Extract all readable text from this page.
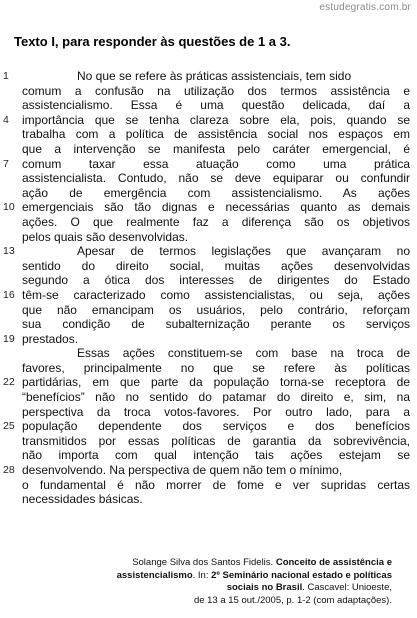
estudegratis.com.br
Texto I, para responder às questões de 1 a 3.
1	No que se refere às práticas assistenciais, tem sido
comum a confusão na utilização dos termos assistência e
assistencialismo. Essa é uma questão delicada, daí a
4	importância que se tenha clareza sobre ela, pois, quando se
trabalha com a política de assistência social nos espaços em
que a intervenção se manifesta pelo caráter emergencial, é
7	comum taxar essa atuação como uma prática
assistencialista. Contudo, não se deve equiparar ou confundir
ação de emergência com assistencialismo. As ações
10 emergenciais são tão dignas e necessárias quanto as demais
ações. O que realmente faz a diferença são os objetivos
pelos quais são desenvolvidas.
13	Apesar de termos legislações que avançaram no
sentido do direito social, muitas ações desenvolvidas
segundo a ótica dos interesses de dirigentes do Estado
16 têm-se caracterizado como assistencialistas, ou seja, ações
que não emancipam os usuários, pelo contrário, reforçam
sua condição de subalternização perante os serviços
19 prestados.
Essas ações constituem-se com base na troca de
favores, principalmente no que se refere às políticas
22 partidárias, em que parte da população torna-se receptora de
“benefícios” não no sentido do patamar do direito e, sim, na
perspectiva da troca votos-favores. Por outro lado, para a
25 população dependente dos serviços e dos benefícios
transmitidos por essas políticas de garantia da sobrevivência,
não importa com qual intenção tais ações estejam se
28 desenvolvendo. Na perspectiva de quem não tem o mínimo,
o fundamental é não morrer de fome e ver supridas certas
necessidades básicas.
Solange Silva dos Santos Fidelis. Conceito de assistência e assistencialismo. In: 2º Seminário nacional estado e políticas sociais no Brasil. Cascavel: Unioeste,
de 13 a 15 out./2005, p. 1-2 (com adaptações).
